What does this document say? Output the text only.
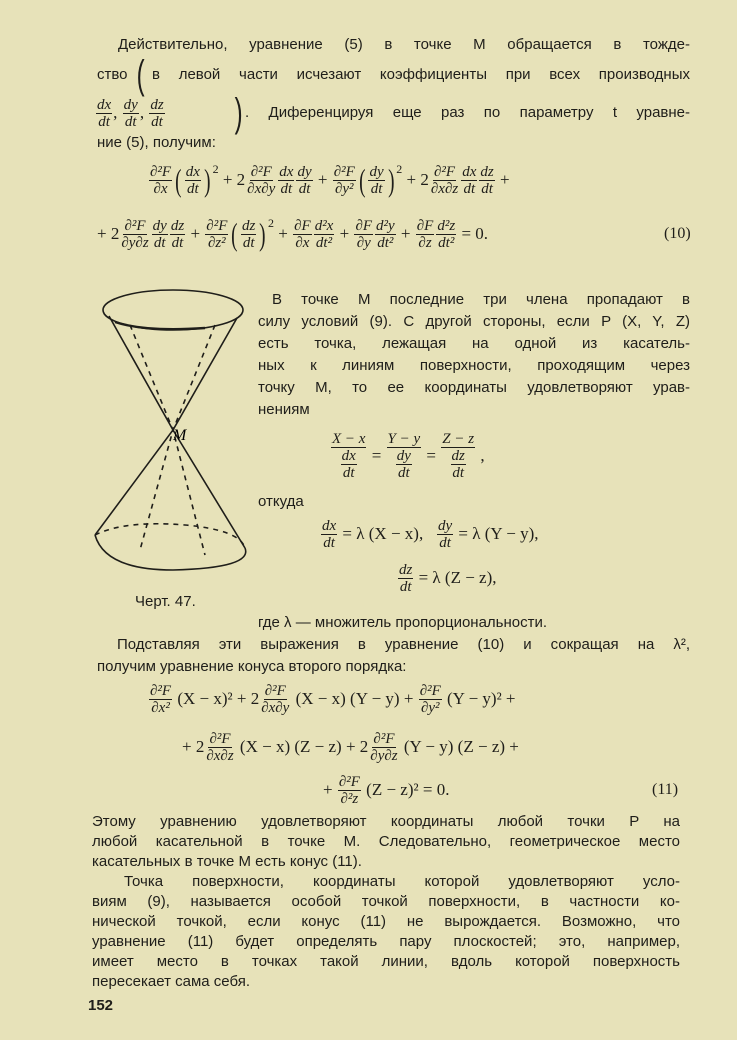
Действительно, уравнение (5) в точке M обращается в тожде-
ство ( в левой части исчезают коэффициенты при всех производных
$\frac{dx}{dt}$ , $\frac{dy}{dt}$ , $\frac{dz}{dt}$ ) . Диференцируя еще раз по параметру t уравне-
ние (5), получим:
$\frac{\text{∂²F}}{\partial x}$ ( $\frac{dx}{dt} )^2$
+ $2 \frac{\text{∂²F}}{\partial x\partial y} \frac{dx}{dt} \frac{dy}{dt} + \frac{\text{∂²F}}{\text{∂y²}}$ ( $\frac{dy}{dt} )^2$
+ $2 \frac{\text{∂²F}}{\partial x\partial z} \frac{dx}{dt} \frac{dz}{dt}$ +
+ $2 \frac{\text{∂²F}}{\partial y\partial z} \frac{dy}{dt} \frac{dz}{dt} + \frac{\text{∂²F}}{\text{∂z²}}$ ( $\frac{dz}{dt} )^2$
+ $\frac{\partial F}{\partial x} \frac{\text{d²x}}{\text{dt²}} + \frac{\partial F}{\partial y} \frac{\text{d²y}}{\text{dt²}} + \frac{\partial F}{\partial z} \frac{\text{d²z}}{\text{dt²}} = 0$.	(10)
M
Черт. 47.
В точке M последние три члена пропадают в
силу условий (9). С другой стороны, если P (X, Y, Z)
есть точка, лежащая на одной из касатель-
ных к линиям поверхности, проходящим через
точку M, то ее координаты удовлетворяют урав-
нениям
X − x
$\frac{dx}{dt}$ =
Y − y
$\frac{dy}{dt}$ =
Z − z
$\frac{dz}{dt}$ ,
откуда
$\frac{dx}{dt} = \lambda$ (X − x), $\frac{dy}{dt} = \lambda$ (Y − y),
$\frac{dz}{dt} = \lambda$ (Z − z),
где λ — множитель пропорциональности.
Подставляя эти выражения в уравнение (10) и сокращая на λ²,
получим уравнение конуса второго порядка:
$\frac{\text{∂²F}}{\text{∂x²}} (X - x)^2 + 2 \frac{\text{∂²F}}{\partial x\partial y} (X - x) (Y - y) + \frac{\text{∂²F}}{\text{∂y²}} (Y - y)^2$ +
+ $2 \frac{\text{∂²F}}{\partial x\partial z} (X - x) (Z - z) + 2 \frac{\text{∂²F}}{\partial y\partial z} (Y - y) (Z - z)$ +
+ $\frac{\text{∂²F}}{\text{∂²z}} (Z - z)^2 = 0$.	(11)
Этому уравнению удовлетворяют координаты любой точки P на
любой касательной в точке M. Следовательно, геометрическое место
касательных в точке M есть конус (11).
Точка поверхности, координаты которой удовлетворяют усло-
виям (9), называется особой точкой поверхности, в частности ко-
нической точкой, если конус (11) не вырождается. Возможно, что
уравнение (11) будет определять пару плоскостей; это, например,
имеет место в точках такой линии, вдоль которой поверхность
пересекает сама себя.
152
